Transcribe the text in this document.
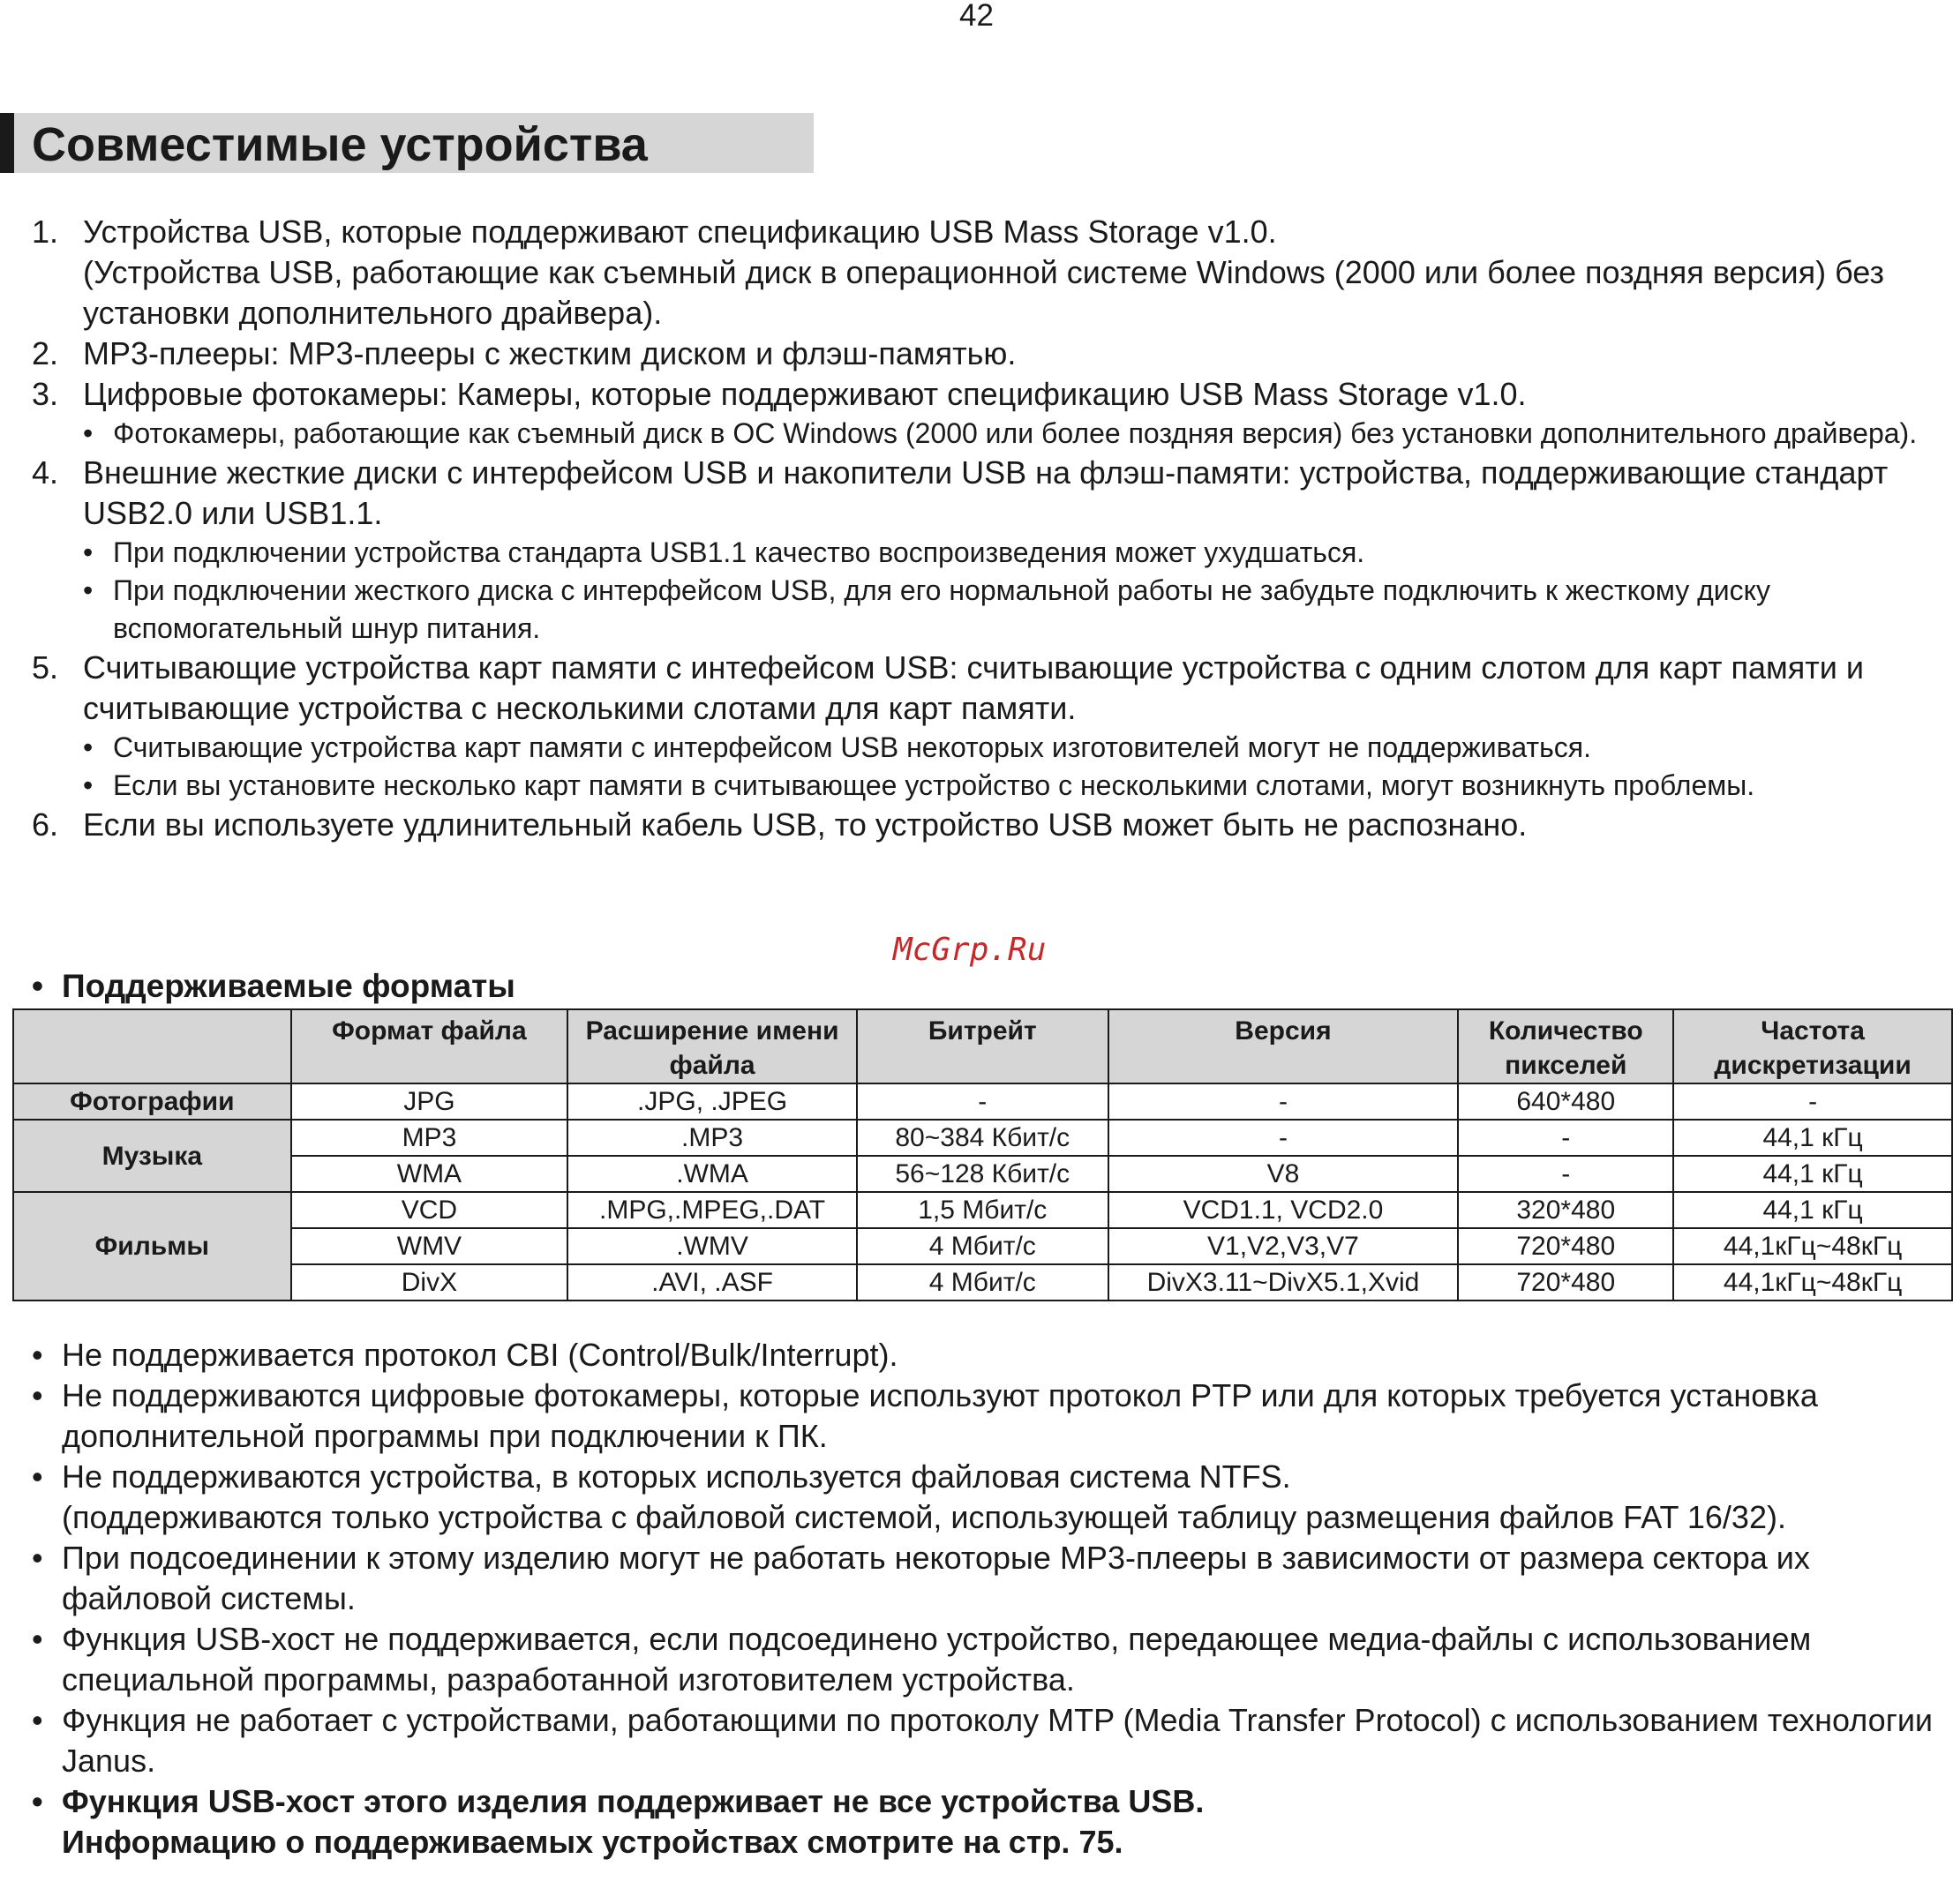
42
Совместимые устройства
1. Устройства USB, которые поддерживают спецификацию USB Mass Storage v1.0.
(Устройства USB, работающие как съемный диск в операционной системе Windows (2000 или более поздняя версия) без установки дополнительного драйвера).
2. MP3-плееры: MP3-плееры с жестким диском и флэш-памятью.
3. Цифровые фотокамеры: Камеры, которые поддерживают спецификацию USB Mass Storage v1.0.
• Фотокамеры, работающие как съемный диск в ОС Windows (2000 или более поздняя версия) без установки дополнительного драйвера).
4. Внешние жесткие диски с интерфейсом USB и накопители USB на флэш-памяти: устройства, поддерживающие стандарт USB2.0 или USB1.1.
• При подключении устройства стандарта USB1.1 качество воспроизведения может ухудшаться.
• При подключении жесткого диска с интерфейсом USB, для его нормальной работы не забудьте подключить к жесткому диску вспомогательный шнур питания.
5. Считывающие устройства карт памяти с интефейсом USB: считывающие устройства с одним слотом для карт памяти и считывающие устройства с несколькими слотами для карт памяти.
• Считывающие устройства карт памяти с интерфейсом USB некоторых изготовителей могут не поддерживаться.
• Если вы установите несколько карт памяти в считывающее устройство с несколькими слотами, могут возникнуть проблемы.
6. Если вы используете удлинительный кабель USB, то устройство USB может быть не распознано.
McGrp.Ru
• Поддерживаемые форматы
	Формат файла	Расширение имени файла	Битрейт	Версия	Количество пикселей	Частота дискретизации
Фотографии	JPG	.JPG, .JPEG	-	-	640*480	-
Музыка	MP3	.MP3	80~384 Кбит/с	-	-	44,1 кГц
	WMA	.WMA	56~128 Кбит/с	V8	-	44,1 кГц
Фильмы	VCD	.MPG,.MPEG,.DAT	1,5 Мбит/с	VCD1.1, VCD2.0	320*480	44,1 кГц
	WMV	.WMV	4 Мбит/с	V1,V2,V3,V7	720*480	44,1кГц~48кГц
	DivX	.AVI, .ASF	4 Мбит/с	DivX3.11~DivX5.1,Xvid	720*480	44,1кГц~48кГц
• Не поддерживается протокол CBI (Control/Bulk/Interrupt).
• Не поддерживаются цифровые фотокамеры, которые используют протокол PTP или для которых требуется установка дополнительной программы при подключении к ПК.
• Не поддерживаются устройства, в которых используется файловая система NTFS.
(поддерживаются только устройства с файловой системой, использующей таблицу размещения файлов FAT 16/32).
• При подсоединении к этому изделию могут не работать некоторые MP3-плееры в зависимости от размера сектора их файловой системы.
• Функция USB-хост не поддерживается, если подсоединено устройство, передающее медиа-файлы с использованием специальной программы, разработанной изготовителем устройства.
• Функция не работает с устройствами, работающими по протоколу MTP (Media Transfer Protocol) с использованием технологии Janus.
• Функция USB-хост этого изделия поддерживает не все устройства USB.
Информацию о поддерживаемых устройствах смотрите на стр. 75.
